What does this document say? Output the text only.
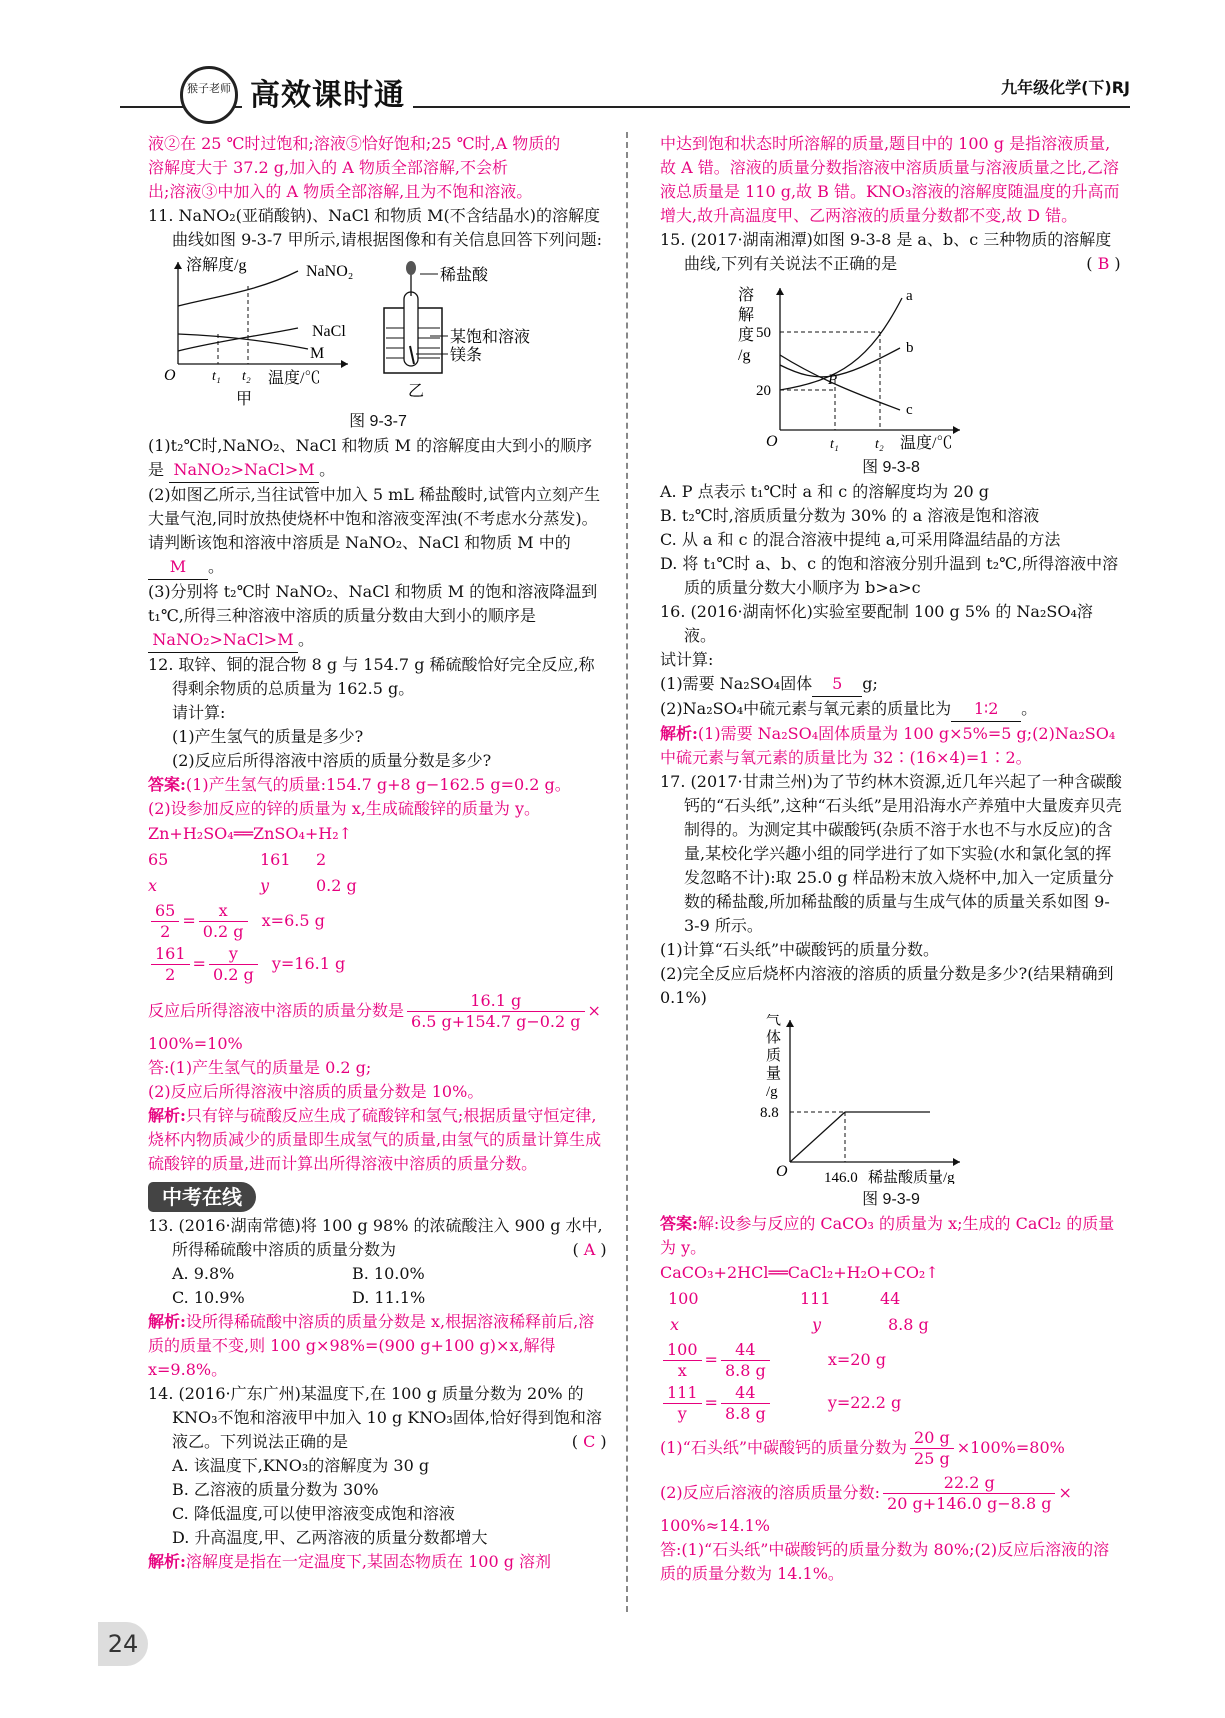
猴子老师 高效课时通	九年级化学(下)RJ

液②在 25 ℃时过饱和;溶液⑤恰好饱和;25 ℃时,A 物质的

溶解度大于 37.2 g,加入的 A 物质全部溶解,不会析

出;溶液③中加入的 A 物质全部溶解,且为不饱和溶液。

11. NaNO₂(亚硝酸钠)、NaCl 和物质 M(不含结晶水)的溶解度曲线如图 9-3-7 甲所示,请根据图像和有关信息回答下列问题:

溶解度/g
O	t₁ t₂ 温度/℃
NaNO₂
NaCl
M
甲
稀盐酸
某饱和溶液
镁条
乙

图 9-3-7

(1)t₂℃时,NaNO₂、NaCl 和物质 M 的溶解度由大到小的顺序是 NaNO₂>NaCl>M 。

(2)如图乙所示,当往试管中加入 5 mL 稀盐酸时,试管内立刻产生大量气泡,同时放热使烧杯中饱和溶液变浑浊(不考虑水分蒸发)。请判断该饱和溶液中溶质是 NaNO₂、NaCl 和物质 M 中的M 。

(3)分别将 t₂℃时 NaNO₂、NaCl 和物质 M 的饱和溶液降温到 t₁℃,所得三种溶液中溶质的质量分数由大到小的顺序是 NaNO₂>NaCl>M 。

12. 取锌、铜的混合物 8 g 与 154.7 g 稀硫酸恰好完全反应,称得剩余物质的总质量为 162.5 g。

请计算:

(1)产生氢气的质量是多少?

(2)反应后所得溶液中溶质的质量分数是多少?

答案:(1)产生氢气的质量:154.7 g+8 g−162.5 g=0.2 g。

(2)设参加反应的锌的质量为 x,生成硫酸锌的质量为 y。

Zn+H₂SO₄══ZnSO₄+H₂↑

65	161 2

x	y	0.2 g

$\frac{65}{2} = \frac{x}{0.2 g} x=6.5$ g

$\frac{161}{2} = \frac{y}{0.2 g} y=16.1$ g

反应后所得溶液中溶质的质量分数是 $\frac{16.1 g}{6.5 g+154.7 g-0.2 g}$ ×

100%=10%

答:(1)产生氢气的质量是 0.2 g;

(2)反应后所得溶液中溶质的质量分数是 10%。

解析:只有锌与硫酸反应生成了硫酸锌和氢气;根据质量守恒定律,烧杯内物质减少的质量即生成氢气的质量,由氢气的质量计算生成硫酸锌的质量,进而计算出所得溶液中溶质的质量分数。

中考在线

13. (2016·湖南常德)将 100 g 98% 的浓硫酸注入 900 g 水中,所得稀硫酸中溶质的质量分数为	( A )

A. 9.8%	B. 10.0%
C. 10.9%	D. 11.1%

解析:设所得稀硫酸中溶质的质量分数是 x,根据溶液稀释前后,溶质的质量不变,则 100 g×98%=(900 g+100 g)×x,解得 x=9.8%。

14. (2016·广东广州)某温度下,在 100 g 质量分数为 20% 的 KNO₃不饱和溶液甲中加入 10 g KNO₃固体,恰好得到饱和溶液乙。下列说法正确的是	( C )

A. 该温度下,KNO₃的溶解度为 30 g

B. 乙溶液的质量分数为 30%

C. 降低温度,可以使甲溶液变成饱和溶液

D. 升高温度,甲、乙两溶液的质量分数都增大

解析:溶解度是指在一定温度下,某固态物质在 100 g 溶剂

中达到饱和状态时所溶解的质量,题目中的 100 g 是指溶液质量,故 A 错。溶液的质量分数指溶液中溶质质量与溶液质量之比,乙溶液总质量是 110 g,故 B 错。KNO₃溶液的溶解度随温度的升高而增大,故升高温度甲、乙两溶液的质量分数都不变,故 D 错。

15. (2017·湖南湘潭)如图 9-3-8 是 a、b、c 三种物质的溶解度曲线,下列有关说法不正确的是	( B )

溶
解
度
/g
50
20
O	t₁	t₂ 温度/℃
P
a
b
c

图 9-3-8

A. P 点表示 t₁℃时 a 和 c 的溶解度均为 20 g

B. t₂℃时,溶质质量分数为 30% 的 a 溶液是饱和溶液

C. 从 a 和 c 的混合溶液中提纯 a,可采用降温结晶的方法

D. 将 t₁℃时 a、b、c 的饱和溶液分别升温到 t₂℃,所得溶液中溶质的质量分数大小顺序为 b>a>c

16. (2016·湖南怀化)实验室要配制 100 g 5% 的 Na₂SO₄溶液。

试计算:

(1)需要 Na₂SO₄固体 5 g;

(2)Na₂SO₄中硫元素与氧元素的质量比为 1∶2 。

解析:(1)需要 Na₂SO₄固体质量为 100 g×5%=5 g;(2)Na₂SO₄中硫元素与氧元素的质量比为 32∶(16×4)=1∶2。

17. (2017·甘肃兰州)为了节约林木资源,近几年兴起了一种含碳酸钙的“石头纸”,这种“石头纸”是用沿海水产养殖中大量废弃贝壳制得的。为测定其中碳酸钙(杂质不溶于水也不与水反应)的含量,某校化学兴趣小组的同学进行了如下实验(水和氯化氢的挥发忽略不计):取 25.0 g 样品粉末放入烧杯中,加入一定质量分数的稀盐酸,所加稀盐酸的质量与生成气体的质量关系如图 9-3-9 所示。

(1)计算“石头纸”中碳酸钙的质量分数。

(2)完全反应后烧杯内溶液的溶质的质量分数是多少?(结果精确到 0.1%)

气
体
质
量
/g
8.8
O 146.0 稀盐酸质量/g

图 9-3-9

答案:解:设参与反应的 CaCO₃ 的质量为 x;生成的 CaCl₂ 的质量为 y。

CaCO₃+2HCl══CaCl₂+H₂O+CO₂↑

100	111	44

x	y	8.8 g

$\frac{100}{x} = \frac{44}{8.8 g}$	x=20 g

$\frac{111}{y} = \frac{44}{8.8 g}$	y=22.2 g

(1)“石头纸”中碳酸钙的质量分数为 $\frac{20 g}{25 g} \times 100\%=80\%$

(2)反应后溶液的溶质质量分数: $\frac{22.2 g}{20 g+146.0 g-8.8 g}$ ×

100%≈14.1%

答:(1)“石头纸”中碳酸钙的质量分数为 80%;(2)反应后溶液的溶质的质量分数为 14.1%。

24
